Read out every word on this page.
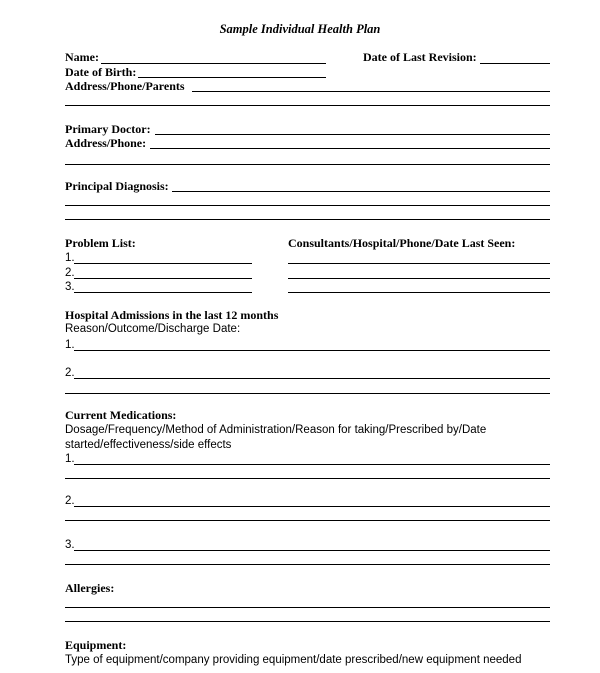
Sample Individual Health Plan
Name:	Date of Last Revision:
Date of Birth:
Address/Phone/Parents
Primary Doctor:
Address/Phone:
Principal Diagnosis:
Problem List:
1.
2.
3.
Consultants/Hospital/Phone/Date Last Seen:
Hospital Admissions in the last 12 months
Reason/Outcome/Discharge Date:
1.
2.
Current Medications:
Dosage/Frequency/Method of Administration/Reason for taking/Prescribed by/Date
started/effectiveness/side effects
1.
2.
3.
Allergies:
Equipment:
Type of equipment/company providing equipment/date prescribed/new equipment needed
